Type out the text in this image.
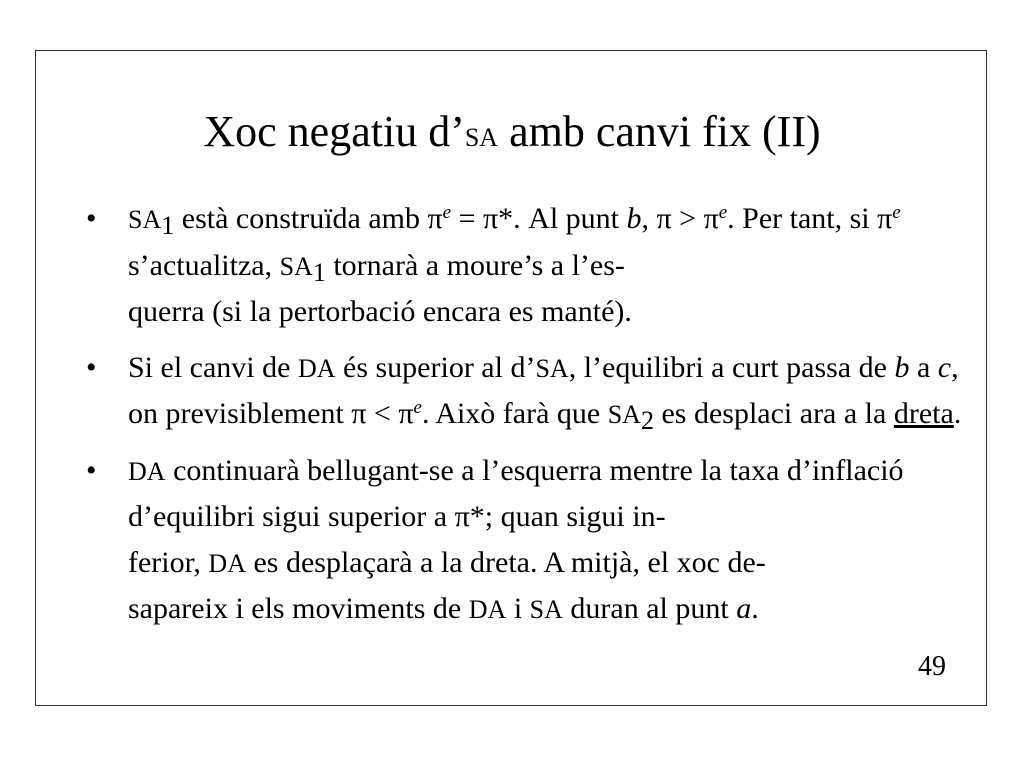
Xoc negatiu d’SA amb canvi fix (II)
• $SA_1$ està construïda amb $\pi^e = \pi*$. Al punt b, $\pi > \pi^e$. Per tant, si $\pi^e$ s’actualitza, $SA_1$ tornarà a moure’s a l’es-
querra (si la pertorbació encara es manté).
• Si el canvi de DA és superior al d’SA, l’equilibri a curt passa de b a c, on previsiblement $\pi < \pi^e$. Això farà que $SA_2$ es desplaci ara a la dreta.
• DA continuarà bellugant-se a l’esquerra mentre la taxa d’inflació d’equilibri sigui superior a π*; quan sigui in-
ferior, DA es desplaçarà a la dreta. A mitjà, el xoc de-
sapareix i els moviments de DA i SA duran al punt a.
49
